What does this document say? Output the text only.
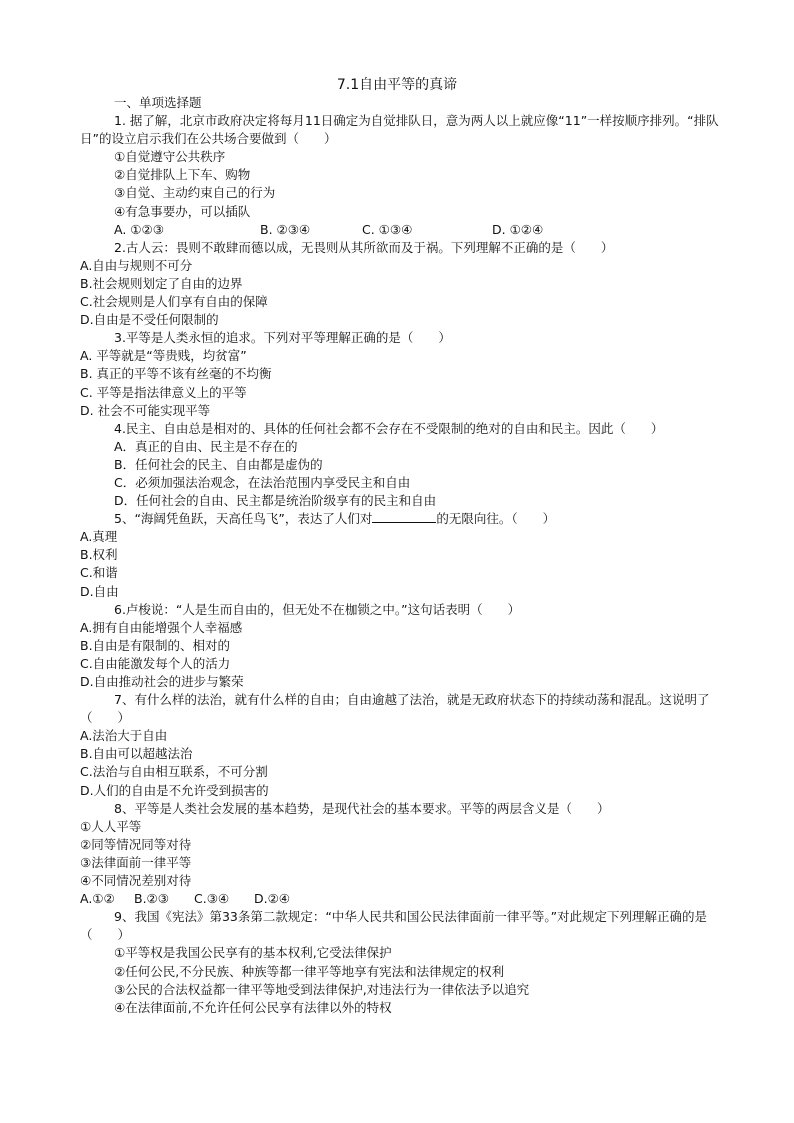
7.1自由平等的真谛
一、单项选择题
1. 据了解，北京市政府决定将每月11日确定为自觉排队日，意为两人以上就应像“11”一样按顺序排列。“排队日”的设立启示我们在公共场合要做到（　　）
①自觉遵守公共秩序
②自觉排队上下车、购物
③自觉、主动约束自己的行为
④有急事要办，可以插队
A. ①②③	B. ②③④	C. ①③④	D. ①②④
2.古人云：畏则不敢肆而德以成，无畏则从其所欲而及于祸。下列理解不正确的是（　　）
A.自由与规则不可分
B.社会规则划定了自由的边界
C.社会规则是人们享有自由的保障
D.自由是不受任何限制的
3.平等是人类永恒的追求。下列对平等理解正确的是（　　）
A. 平等就是“等贵贱，均贫富”
B. 真正的平等不该有丝毫的不均衡
C. 平等是指法律意义上的平等
D. 社会不可能实现平等
4.民主、自由总是相对的、具体的任何社会都不会存在不受限制的绝对的自由和民主。因此（　　）
A．真正的自由、民主是不存在的
B．任何社会的民主、自由都是虚伪的
C．必须加强法治观念，在法治范围内享受民主和自由
D．任何社会的自由、民主都是统治阶级享有的民主和自由
5、“海阔凭鱼跃，天高任鸟飞”，表达了人们对	的无限向往。（　　）
A.真理
B.权利
C.和谐
D.自由
6.卢梭说：“人是生而自由的，但无处不在枷锁之中。”这句话表明（　　）
A.拥有自由能增强个人幸福感
B.自由是有限制的、相对的
C.自由能激发每个人的活力
D.自由推动社会的进步与繁荣
7、有什么样的法治，就有什么样的自由；自由逾越了法治，就是无政府状态下的持续动荡和混乱。这说明了（　　）
A.法治大于自由
B.自由可以超越法治
C.法治与自由相互联系，不可分割
D.人们的自由是不允许受到损害的
8、平等是人类社会发展的基本趋势，是现代社会的基本要求。平等的两层含义是（　　）
①人人平等
②同等情况同等对待
③法律面前一律平等
④不同情况差别对待
A.①② B.②③ C.③④ D.②④
9、我国《宪法》第33条第二款规定：“中华人民共和国公民法律面前一律平等。”对此规定下列理解正确的是（　　）
①平等权是我国公民享有的基本权利,它受法律保护
②任何公民,不分民族、种族等都一律平等地享有宪法和法律规定的权利
③公民的合法权益都一律平等地受到法律保护,对违法行为一律依法予以追究
④在法律面前,不允许任何公民享有法律以外的特权
